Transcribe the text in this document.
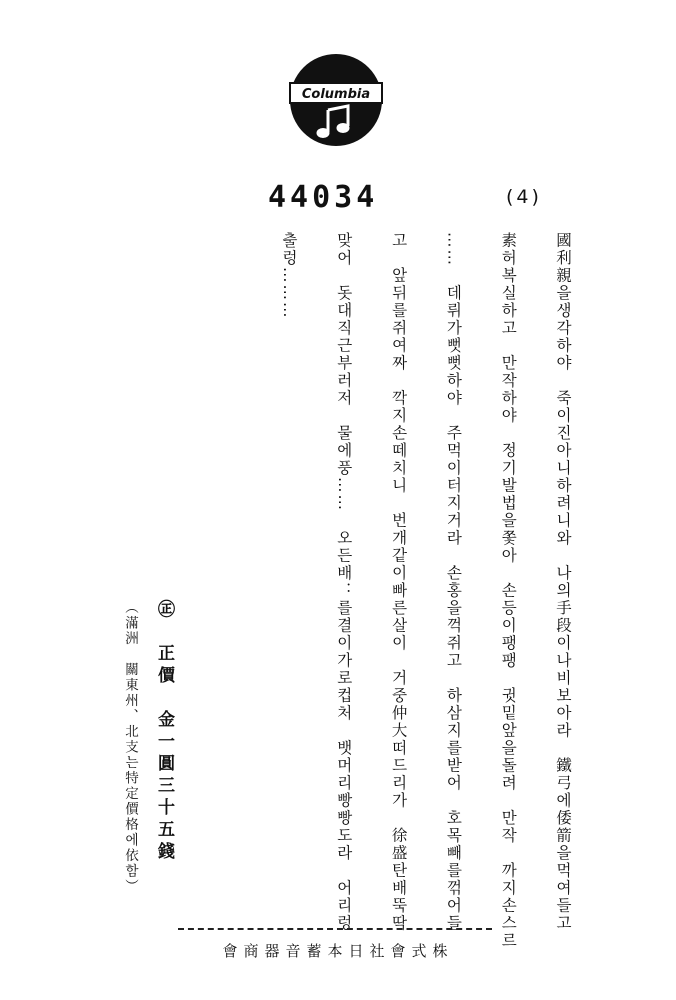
Columbia
44034	(4)

國利親을생각하야　죽이진아니하려니와　나의手段이나비보아라　鐵弓에倭箭을먹여들고

素허복실하고　만작하야　정기발법을쫓아　손등이팽팽　귓밑앞을돌려　만작　까지손스르

……　데뤼가뻣뻣하야　주먹이터지거라　손홍을꺽쥐고　하삼지를받어　호목빼를꺾어들

고　앞뒤를쥐여짜　깍지손떼치니　번개같이빠른살이　거중仲大떠드리가　徐盛탄배뚝딱

맞어　돗대직근부러저　물에풍……　오든배：를결이가로컵처　뱃머리빵빵도라　어리렁

출렁………

㊣　正價　金一圓三十五錢
（滿洲　關東州、北支는特定價格에依함）
會商器音蓄本日社會式株
